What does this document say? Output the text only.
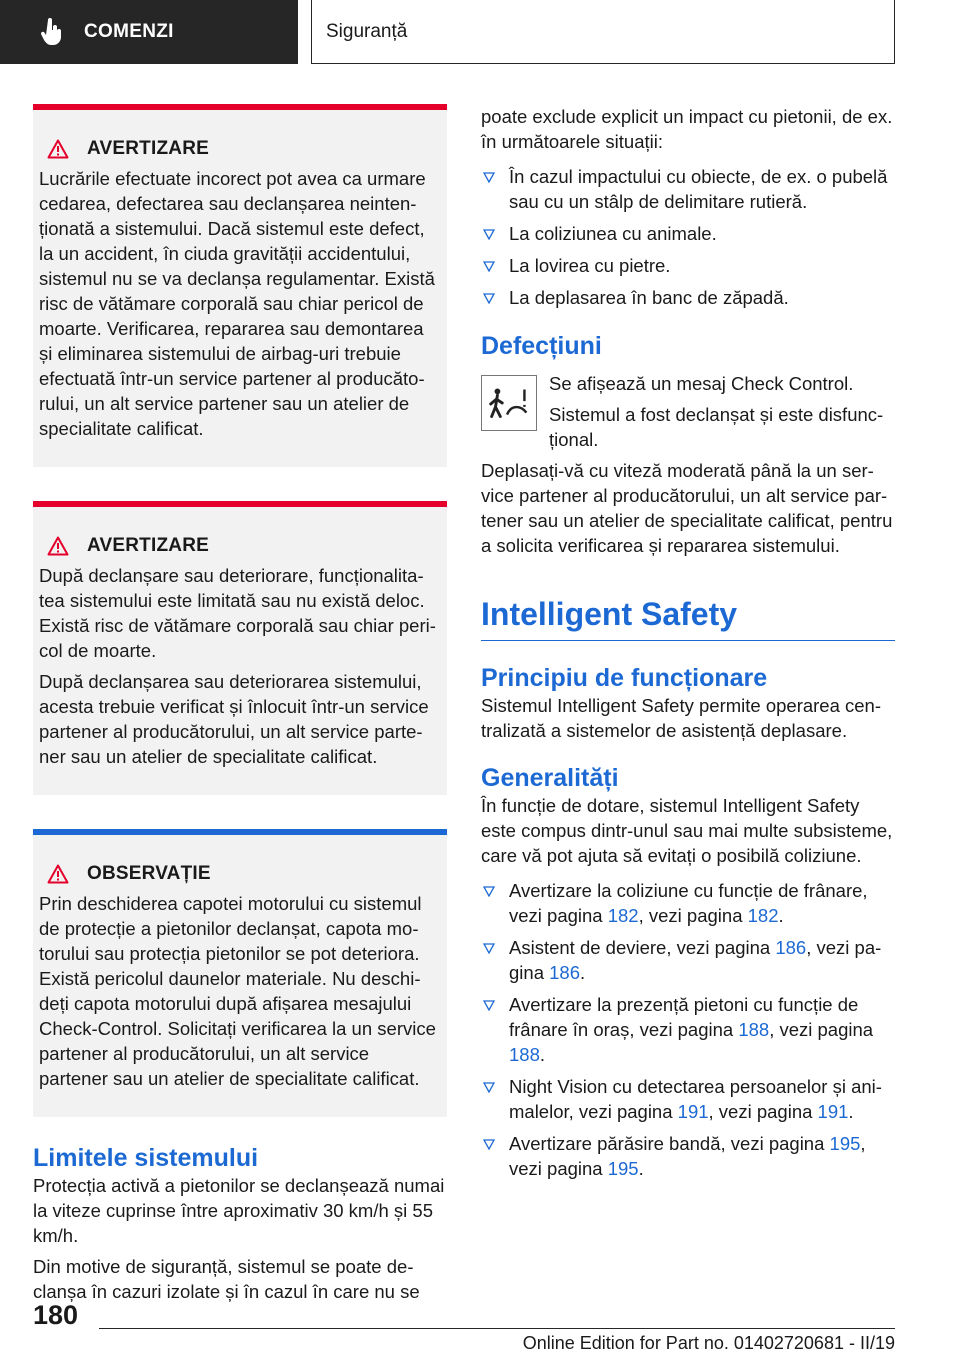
COMENZI	Siguranță
AVERTIZARE

Lucrările efectuate incorect pot avea ca urmare cedarea, defectarea sau declanșarea neintenționată a sistemului. Dacă sistemul este defect, la un accident, în ciuda gravității accidentului, sistemul nu se va declanșa regulamentar. Există risc de vătămare corporală sau chiar pericol de moarte. Verificarea, repararea sau demontarea și eliminarea sistemului de airbag-uri trebuie efectuată într-un service partener al producătorului, un alt service partener sau un atelier de specialitate calificat.

AVERTIZARE

După declanșare sau deteriorare, funcționalitatea sistemului este limitată sau nu există deloc. Există risc de vătămare corporală sau chiar pericol de moarte.

După declanșarea sau deteriorarea sistemului, acesta trebuie verificat și înlocuit într-un service partener al producătorului, un alt service partener sau un atelier de specialitate calificat.

OBSERVAȚIE

Prin deschiderea capotei motorului cu sistemul de protecție a pietonilor declanșat, capota motorului sau protecția pietonilor se pot deteriora. Există pericolul daunelor materiale. Nu deschideți capota motorului după afișarea mesajului Check-Control. Solicitați verificarea la un service partener al producătorului, un alt service partener sau un atelier de specialitate calificat.

Limitele sistemului

Protecția activă a pietonilor se declanșează numai la viteze cuprinse între aproximativ 30 km/h și 55 km/h.

Din motive de siguranță, sistemul se poate declanșa în cazuri izolate și în cazul în care nu se

poate exclude explicit un impact cu pietonii, de ex. în următoarele situații:

În cazul impactului cu obiecte, de ex. o pubelă sau cu un stâlp de delimitare rutieră.
La coliziunea cu animale.
La lovirea cu pietre.
La deplasarea în banc de zăpadă.
Defecțiuni

Se afișează un mesaj Check Control.

Sistemul a fost declanșat și este disfuncțional.

Deplasați-vă cu viteză moderată până la un service partener al producătorului, un alt service partener sau un atelier de specialitate calificat, pentru a solicita verificarea și repararea sistemului.

Intelligent Safety
Principiu de funcționare

Sistemul Intelligent Safety permite operarea centralizată a sistemelor de asistență deplasare.

Generalități

În funcție de dotare, sistemul Intelligent Safety este compus dintr-unul sau mai multe subsisteme, care vă pot ajuta să evitați o posibilă coliziune.

Avertizare la coliziune cu funcție de frânare, vezi pagina 182, vezi pagina 182.
Asistent de deviere, vezi pagina 186, vezi pagina 186.
Avertizare la prezență pietoni cu funcție de frânare în oraș, vezi pagina 188, vezi pagina 188.
Night Vision cu detectarea persoanelor și animalelor, vezi pagina 191, vezi pagina 191.
Avertizare părăsire bandă, vezi pagina 195, vezi pagina 195.
180
Online Edition for Part no. 01402720681 - II/19
